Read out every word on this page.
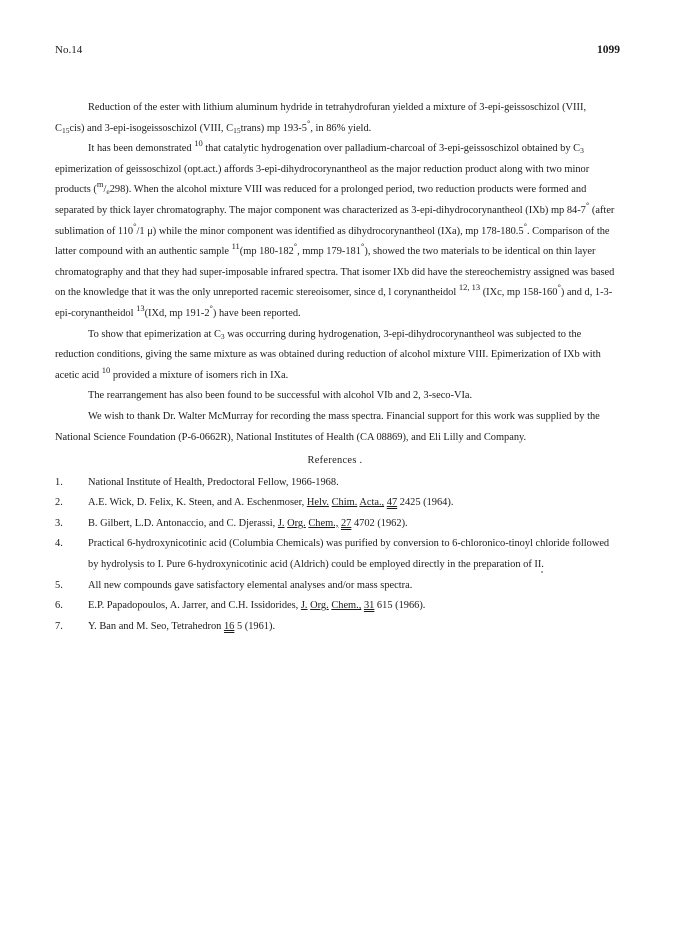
No.14	1099

Reduction of the ester with lithium aluminum hydride in tetrahydrofuran yielded a mixture of 3-epi-geissoschizol (VIII, $C_{15}cis$) and 3-epi-isogeissoschizol (VIII, $C_{15}trans$) mp 193-5°, in 86% yield.

It has been demonstrated $^{10}$ that catalytic hydrogenation over palladium-charcoal of 3-epi-geissoschizol obtained by $C_3$ epimerization of geissoschizol (opt.act.) affords 3-epi-dihydrocorynantheol as the major reduction product along with two minor products $(^m/_e298)$. When the alcohol mixture VIII was reduced for a prolonged period, two reduction products were formed and separated by thick layer chromatography. The major component was characterized as 3-epi-dihydrocorynantheol (IXb) mp 84-7° (after sublimation of 110°/1 μ) while the minor component was identified as dihydrocorynantheol (IXa), mp 178-180.5°. Comparison of the latter compound with an authentic sample $^{11}$(mp 180-182°, mmp 179-181°), showed the two materials to be identical on thin layer chromatography and that they had super-imposable infrared spectra. That isomer IXb did have the stereochemistry assigned was based on the knowledge that it was the only unreported racemic stereoisomer, since d, l corynantheidol $^{12, 13}$ (IXc, mp 158-160°) and d, 1-3-epi-corynantheidol $^{13}$(IXd, mp 191-2°) have been reported.

To show that epimerization at $C_3$ was occurring during hydrogenation, 3-epi-dihydrocorynantheol was subjected to the reduction conditions, giving the same mixture as was obtained during reduction of alcohol mixture VIII. Epimerization of IXb with acetic acid $^{10}$ provided a mixture of isomers rich in IXa.

The rearrangement has also been found to be successful with alcohol VIb and 2, 3-seco-VIa.

We wish to thank Dr. Walter McMurray for recording the mass spectra. Financial support for this work was supplied by the National Science Foundation (P-6-0662R), National Institutes of Health (CA 08869), and Eli Lilly and Company.

References .
1. National Institute of Health, Predoctoral Fellow, 1966-1968.
2. A.E. Wick, D. Felix, K. Steen, and A. Eschenmoser, Helv. Chim. Acta., 47 2425 (1964).
3. B. Gilbert, L.D. Antonaccio, and C. Djerassi, J. Org. Chem., 27 4702 (1962).
4. Practical 6-hydroxynicotinic acid (Columbia Chemicals) was purified by conversion to 6-chloronico-tinoyl chloride followed by hydrolysis to I. Pure 6-hydroxynicotinic acid (Aldrich) could be employed directly in the preparation of II.
5. All new compounds gave satisfactory elemental analyses and/or mass spectra.
6. E.P. Papadopoulos, A. Jarrer, and C.H. Issidorides, J. Org. Chem., 31 615 (1966).
7. Y. Ban and M. Seo, Tetrahedron 16 5 (1961).
